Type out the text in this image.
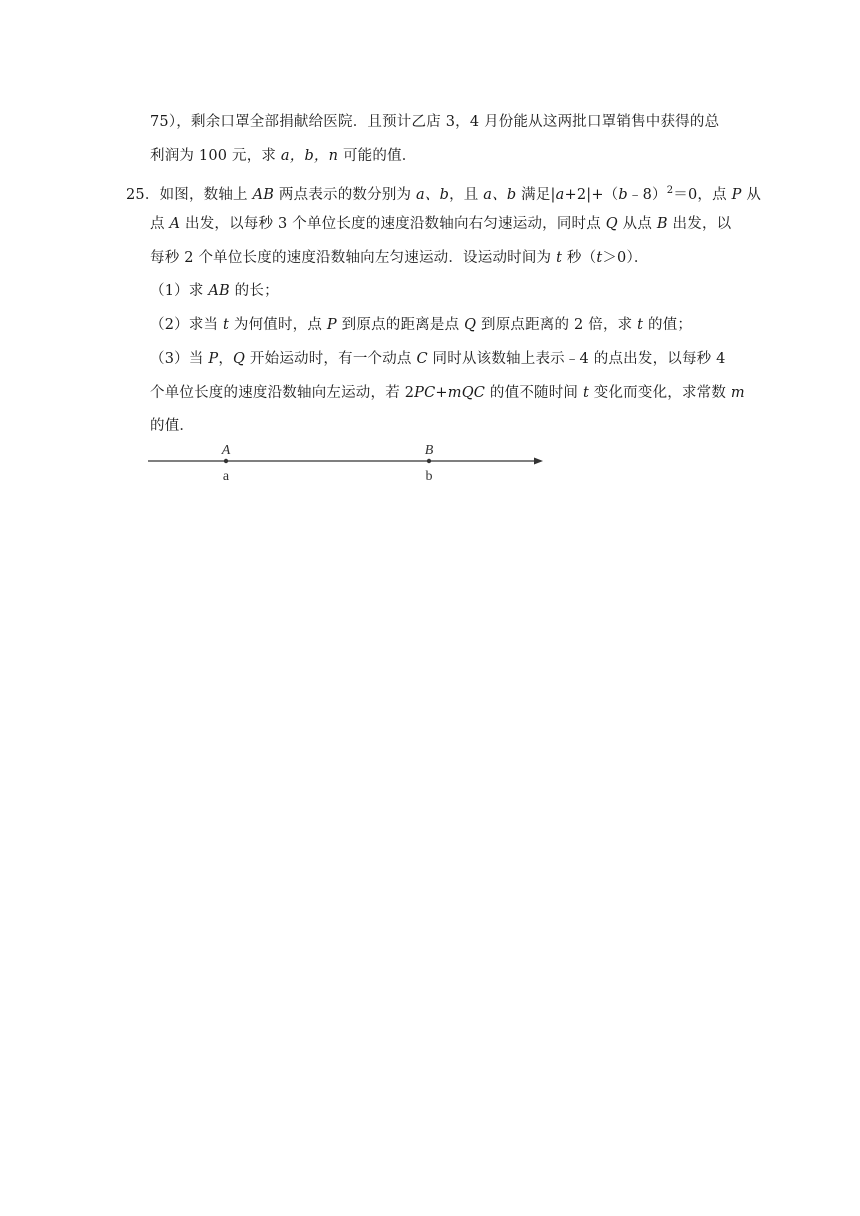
75），剩余口罩全部捐献给医院．且预计乙店 3，4 月份能从这两批口罩销售中获得的总
利润为 100 元，求 a，b，n 可能的值．
25．如图，数轴上 AB 两点表示的数分别为 a、b，且 a、b 满足|a+2|+（b﹣8）$^2$＝0，点 P 从
点 A 出发，以每秒 3 个单位长度的速度沿数轴向右匀速运动，同时点 Q 从点 B 出发，以
每秒 2 个单位长度的速度沿数轴向左匀速运动．设运动时间为 t 秒（t＞0）．
（1）求 AB 的长；
（2）求当 t 为何值时，点 P 到原点的距离是点 Q 到原点距离的 2 倍，求 t 的值；
（3）当 P，Q 开始运动时，有一个动点 C 同时从该数轴上表示﹣4 的点出发，以每秒 4
个单位长度的速度沿数轴向左运动，若 2PC+mQC 的值不随时间 t 变化而变化，求常数 m
的值．
A
a
B
b
